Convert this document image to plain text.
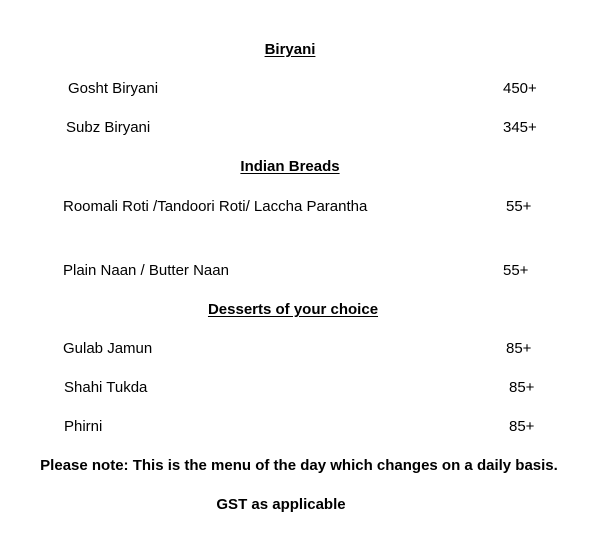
Biryani
Gosht Biryani	450+
Subz Biryani	345+
Indian Breads
Roomali Roti /Tandoori Roti/ Laccha Parantha	55+
Plain Naan / Butter Naan	55+
Desserts of your choice
Gulab Jamun	85+
Shahi Tukda	85+
Phirni	85+
Please note: This is the menu of the day which changes on a daily basis.
GST as applicable
